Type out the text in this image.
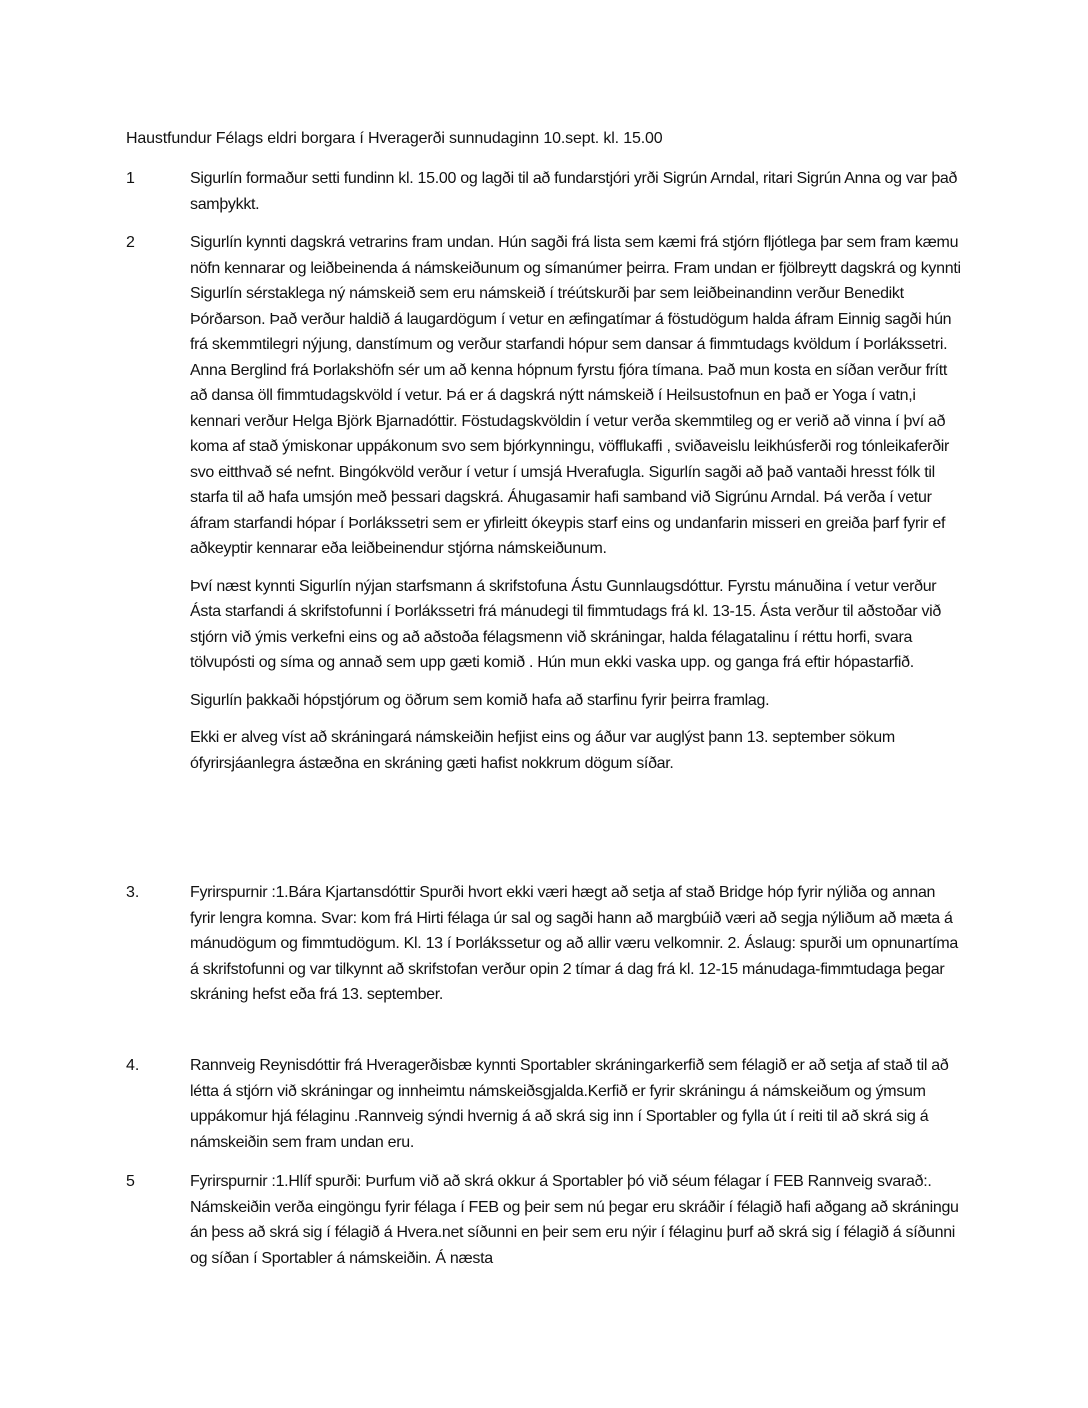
Haustfundur Félags eldri borgara í Hveragerði sunnudaginn 10.sept. kl. 15.00
1	Sigurlín formaður setti fundinn kl. 15.00 og lagði til að fundarstjóri yrði Sigrún Arndal, ritari Sigrún Anna og var það samþykkt.

2	Sigurlín kynnti dagskrá vetrarins fram undan. Hún sagði frá lista sem kæmi frá stjórn fljótlega þar sem fram kæmu nöfn kennarar og leiðbeinenda á námskeiðunum og símanúmer þeirra. Fram undan er fjölbreytt dagskrá og kynnti Sigurlín sérstaklega ný námskeið sem eru námskeið í tréútskurði þar sem leiðbeinandinn verður Benedikt Þórðarson. Það verður haldið á laugardögum í vetur en æfingatímar á föstudögum halda áfram Einnig sagði hún frá skemmtilegri nýjung, danstímum og verður starfandi hópur sem dansar á fimmtudags kvöldum í Þorlákssetri. Anna Berglind frá Þorlakshöfn sér um að kenna hópnum fyrstu fjóra tímana. Það mun kosta en síðan verður frítt að dansa öll fimmtudagskvöld í vetur. Þá er á dagskrá nýtt námskeið í Heilsustofnun en það er Yoga í vatn,i kennari verður Helga Björk Bjarnadóttir. Föstudagskvöldin í vetur verða skemmtileg og er verið að vinna í því að koma af stað ýmiskonar uppákonum svo sem bjórkynningu, vöfflukaffi , sviðaveislu leikhúsferði rog tónleikaferðir svo eitthvað sé nefnt. Bingókvöld verður í vetur í umsjá Hverafugla. Sigurlín sagði að það vantaði hresst fólk til starfa til að hafa umsjón með þessari dagskrá. Áhugasamir hafi samband við Sigrúnu Arndal. Þá verða í vetur áfram starfandi hópar í Þorlákssetri sem er yfirleitt ókeypis starf eins og undanfarin misseri en greiða þarf fyrir ef aðkeyptir kennarar eða leiðbeinendur stjórna námskeiðunum.

Því næst kynnti Sigurlín nýjan starfsmann á skrifstofuna Ástu Gunnlaugsdóttur. Fyrstu mánuðina í vetur verður Ásta starfandi á skrifstofunni í Þorlákssetri frá mánudegi til fimmtudags frá kl. 13-15. Ásta verður til aðstoðar við stjórn við ýmis verkefni eins og að aðstoða félagsmenn við skráningar, halda félagatalinu í réttu horfi, svara tölvupósti og síma og annað sem upp gæti komið . Hún mun ekki vaska upp. og ganga frá eftir hópastarfið.

Sigurlín þakkaði hópstjórum og öðrum sem komið hafa að starfinu fyrir þeirra framlag.

Ekki er alveg víst að skráningará námskeiðin hefjist eins og áður var auglýst þann 13. september sökum ófyrirsjáanlegra ástæðna en skráning gæti hafist nokkrum dögum síðar.

3.	Fyrirspurnir :1.Bára Kjartansdóttir Spurði hvort ekki væri hægt að setja af stað Bridge hóp fyrir nýliða og annan fyrir lengra komna. Svar: kom frá Hirti félaga úr sal og sagði hann að margbúið væri að segja nýliðum að mæta á mánudögum og fimmtudögum. Kl. 13 í Þorlákssetur og að allir væru velkomnir. 2. Áslaug: spurði um opnunartíma á skrifstofunni og var tilkynnt að skrifstofan verður opin 2 tímar á dag frá kl. 12-15 mánudaga-fimmtudaga þegar skráning hefst eða frá 13. september.

4.	Rannveig Reynisdóttir frá Hveragerðisbæ kynnti Sportabler skráningarkerfið sem félagið er að setja af stað til að létta á stjórn við skráningar og innheimtu námskeiðsgjalda.Kerfið er fyrir skráningu á námskeiðum og ýmsum uppákomur hjá félaginu .Rannveig sýndi hvernig á að skrá sig inn í Sportabler og fylla út í reiti til að skrá sig á námskeiðin sem fram undan eru.

5	Fyrirspurnir :1.Hlíf spurði: Þurfum við að skrá okkur á Sportabler þó við séum félagar í FEB Rannveig svarað:. Námskeiðin verða eingöngu fyrir félaga í FEB og þeir sem nú þegar eru skráðir í félagið hafi aðgang að skráningu án þess að skrá sig í félagið á Hvera.net síðunni en þeir sem eru nýir í félaginu þurf að skrá sig í félagið á síðunni og síðan í Sportabler á námskeiðin. Á næsta
